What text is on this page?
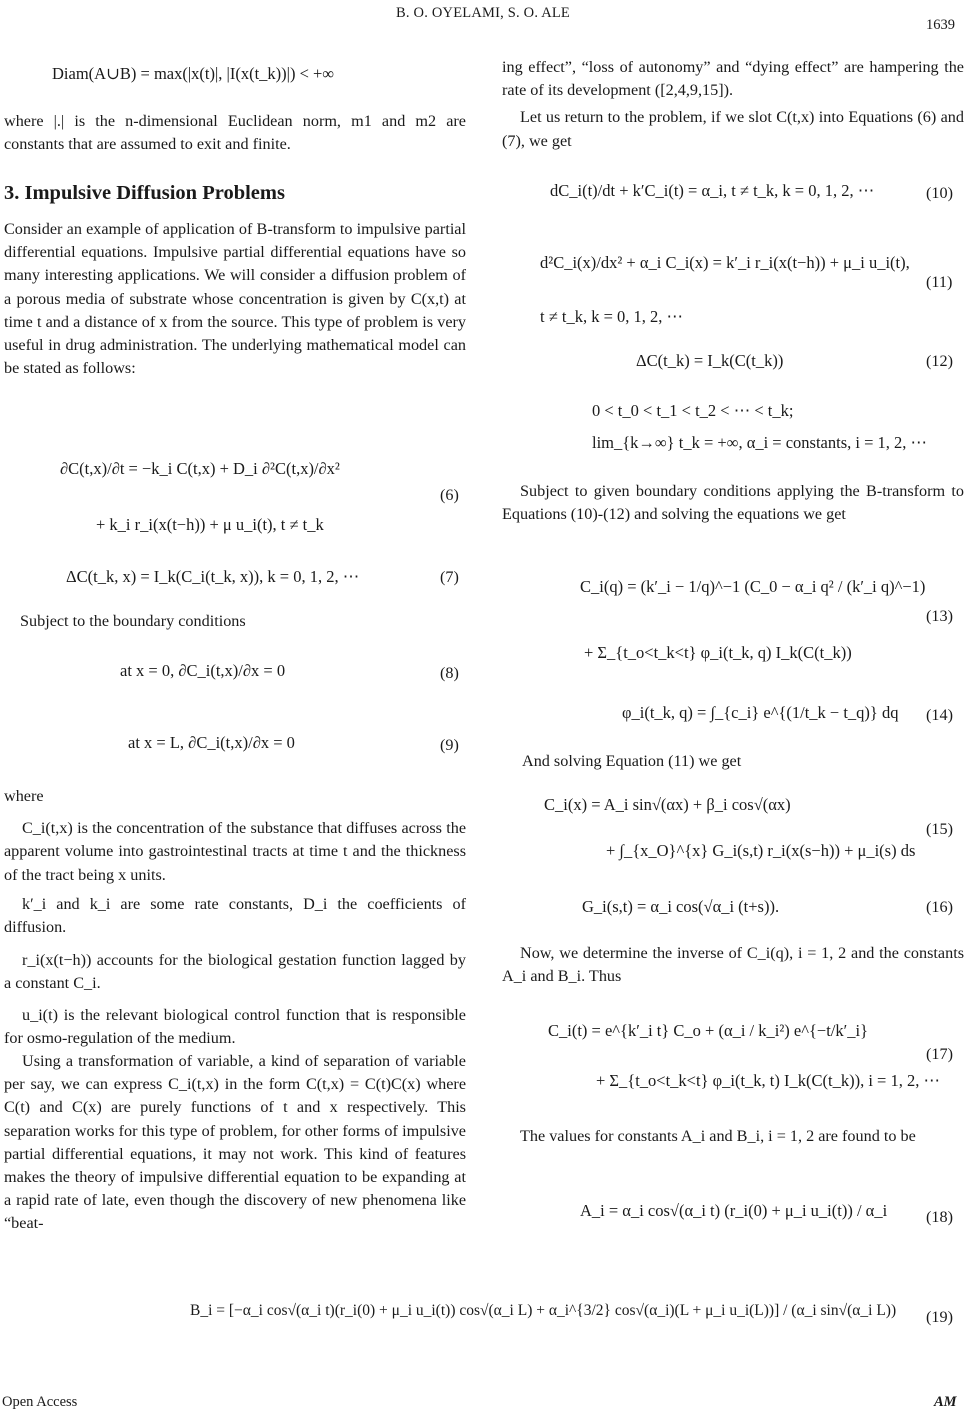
B. O. OYELAMI, S. O. ALE
1639
Diam(A∪B) = max(|x(t)|, |I(x(t_k))|) < +∞

where |.| is the n-dimensional Euclidean norm, m1 and m2 are constants that are assumed to exit and finite.

3. Impulsive Diffusion Problems

Consider an example of application of B-transform to impulsive partial differential equations. Impulsive partial differential equations have so many interesting applications. We will consider a diffusion problem of a porous media of substrate whose concentration is given by C(x,t) at time t and a distance of x from the source. This type of problem is very useful in drug administration. The underlying mathematical model can be stated as follows:

∂C(t,x)/∂t = −k_i C(t,x) + D_i ∂²C(t,x)/∂x²
+ k_i r_i(x(t−h)) + μ u_i(t), t ≠ t_k
(6)
ΔC(t_k, x) = I_k(C_i(t_k, x)), k = 0, 1, 2, ⋯	(7)
Subject to the boundary conditions
at x = 0, ∂C_i(t,x)/∂x = 0	(8)
at x = L, ∂C_i(t,x)/∂x = 0	(9)

where

C_i(t,x) is the concentration of the substance that diffuses across the apparent volume into gastrointestinal tracts at time t and the thickness of the tract being x units.

k′_i and k_i are some rate constants, D_i the coefficients of diffusion.

r_i(x(t−h)) accounts for the biological gestation function lagged by a constant C_i.

u_i(t) is the relevant biological control function that is responsible for osmo-regulation of the medium.

Using a transformation of variable, a kind of separation of variable per say, we can express C_i(t,x) in the form C(t,x) = C(t)C(x) where C(t) and C(x) are purely functions of t and x respectively. This separation works for this type of problem, for other forms of impulsive partial differential equations, it may not work. This kind of features makes the theory of impulsive differential equation to be expanding at a rapid rate of late, even though the discovery of new phenomena like “beat-

ing effect”, “loss of autonomy” and “dying effect” are hampering the rate of its development ([2,4,9,15]).

Let us return to the problem, if we slot C(t,x) into Equations (6) and (7), we get

dC_i(t)/dt + k′C_i(t) = α_i, t ≠ t_k, k = 0, 1, 2, ⋯	(10)
d²C_i(x)/dx² + α_i C_i(x) = k′_i r_i(x(t−h)) + μ_i u_i(t),
t ≠ t_k, k = 0, 1, 2, ⋯
(11)
ΔC(t_k) = I_k(C(t_k))	(12)
0 < t_0 < t_1 < t_2 < ⋯ < t_k;
lim_{k→∞} t_k = +∞, α_i = constants, i = 1, 2, ⋯

Subject to given boundary conditions applying the B-transform to Equations (10)-(12) and solving the equations we get

C_i(q) = (k′_i − 1/q)^−1 (C_0 − α_i q² / (k′_i q)^−1)
+ Σ_{t_o<t_k<t} φ_i(t_k, q) I_k(C(t_k))
(13)
φ_i(t_k, q) = ∫_{c_i} e^{(1/t_k − t_q)} dq (14)
And solving Equation (11) we get
C_i(x) = A_i sin√(αx) + β_i cos√(αx)
+ ∫_{x_O}^{x} G_i(s,t) r_i(x(s−h)) + μ_i(s) ds
(15)
G_i(s,t) = α_i cos(√α_i (t+s)).	(16)

Now, we determine the inverse of C_i(q), i = 1, 2 and the constants A_i and B_i. Thus

C_i(t) = e^{k′_i t} C_o + (α_i / k_i²) e^{−t/k′_i}
+ Σ_{t_o<t_k<t} φ_i(t_k, t) I_k(C(t_k)), i = 1, 2, ⋯
(17)

The values for constants A_i and B_i, i = 1, 2 are found to be

A_i = α_i cos√(α_i t) (r_i(0) + μ_i u_i(t)) / α_i (18)
B_i = [−α_i cos√(α_i t)(r_i(0) + μ_i u_i(t)) cos√(α_i L) + α_i^{3/2} cos√(α_i)(L + μ_i u_i(L))] / (α_i sin√(α_i L)) (19)
Open Access	AM
